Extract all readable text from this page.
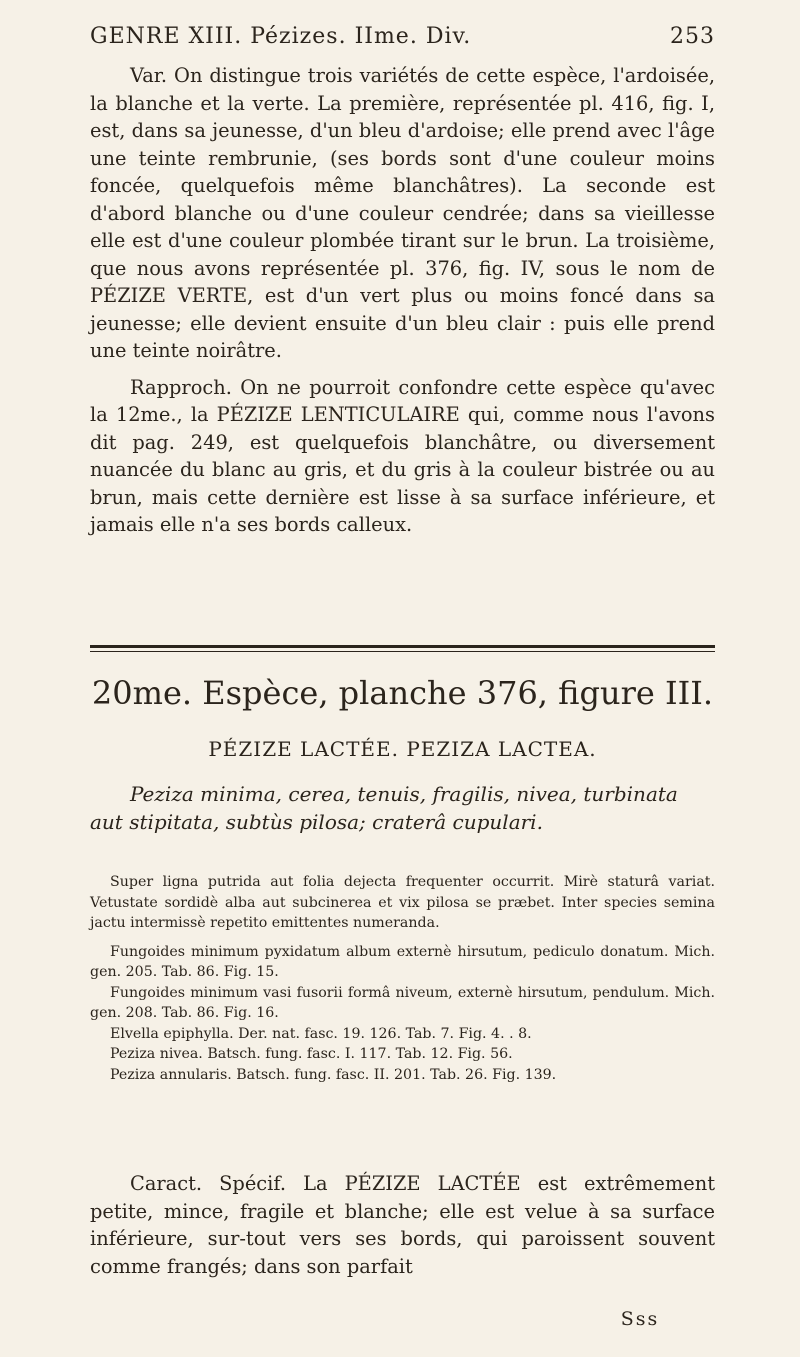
GENRE XIII. Pézizes. IIme. Div.	253

Var. On distingue trois variétés de cette espèce, l'ardoisée, la blanche et la verte. La première, représentée pl. 416, fig. I, est, dans sa jeunesse, d'un bleu d'ardoise; elle prend avec l'âge une teinte rembrunie, (ses bords sont d'une couleur moins foncée, quelquefois même blanchâtres). La seconde est d'abord blanche ou d'une couleur cendrée; dans sa vieillesse elle est d'une couleur plombée tirant sur le brun. La troisième, que nous avons représentée pl. 376, fig. IV, sous le nom de PÉZIZE VERTE, est d'un vert plus ou moins foncé dans sa jeunesse; elle devient ensuite d'un bleu clair : puis elle prend une teinte noirâtre.

Rapproch. On ne pourroit confondre cette espèce qu'avec la 12me., la PÉZIZE LENTICULAIRE qui, comme nous l'avons dit pag. 249, est quelquefois blanchâtre, ou diversement nuancée du blanc au gris, et du gris à la couleur bistrée ou au brun, mais cette dernière est lisse à sa surface inférieure, et jamais elle n'a ses bords calleux.

20me. Espèce, planche 376, figure III.
PÉZIZE LACTÉE. PEZIZA LACTEA.
Peziza minima, cerea, tenuis, fragilis, nivea, turbinata aut stipitata, subtùs pilosa; craterâ cupulari.

Super ligna putrida aut folia dejecta frequenter occurrit. Mirè staturâ variat. Vetustate sordidè alba aut subcinerea et vix pilosa se præbet. Inter species semina jactu intermissè repetito emittentes numeranda.

Fungoides minimum pyxidatum album externè hirsutum, pediculo donatum. Mich. gen. 205. Tab. 86. Fig. 15.
Fungoides minimum vasi fusorii formâ niveum, externè hirsutum, pendulum. Mich. gen. 208. Tab. 86. Fig. 16.
Elvella epiphylla. Der. nat. fasc. 19. 126. Tab. 7. Fig. 4. . 8.
Peziza nivea. Batsch. fung. fasc. I. 117. Tab. 12. Fig. 56.
Peziza annularis. Batsch. fung. fasc. II. 201. Tab. 26. Fig. 139.
Caract. Spécif. La PÉZIZE LACTÉE est extrêmement petite, mince, fragile et blanche; elle est velue à sa surface inférieure, sur-tout vers ses bords, qui paroissent souvent comme frangés; dans son parfait
Sss
